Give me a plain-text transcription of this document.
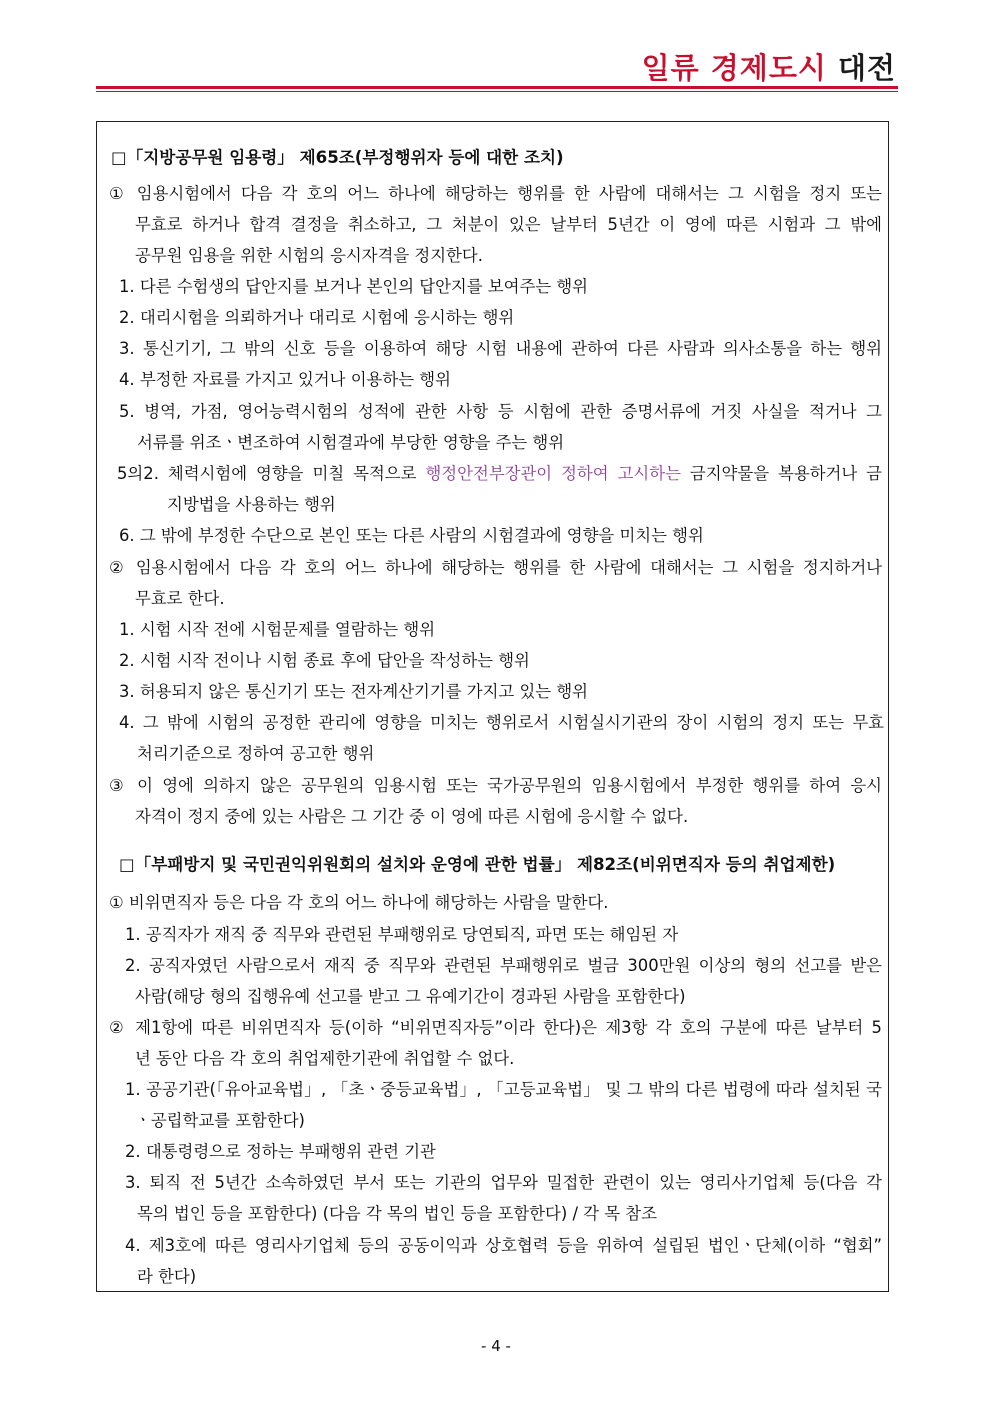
일류 경제도시 대전
□「지방공무원 임용령」 제65조(부정행위자 등에 대한 조치)
① 임용시험에서 다음 각 호의 어느 하나에 해당하는 행위를 한 사람에 대해서는 그 시험을 정지 또는
무효로 하거나 합격 결정을 취소하고, 그 처분이 있은 날부터 5년간 이 영에 따른 시험과 그 밖에
공무원 임용을 위한 시험의 응시자격을 정지한다.
1. 다른 수험생의 답안지를 보거나 본인의 답안지를 보여주는 행위
2. 대리시험을 의뢰하거나 대리로 시험에 응시하는 행위
3. 통신기기, 그 밖의 신호 등을 이용하여 해당 시험 내용에 관하여 다른 사람과 의사소통을 하는 행위
4. 부정한 자료를 가지고 있거나 이용하는 행위
5. 병역, 가점, 영어능력시험의 성적에 관한 사항 등 시험에 관한 증명서류에 거짓 사실을 적거나 그
서류를 위조ㆍ변조하여 시험결과에 부당한 영향을 주는 행위
5의2. 체력시험에 영향을 미칠 목적으로 행정안전부장관이 정하여 고시하는 금지약물을 복용하거나 금
지방법을 사용하는 행위
6. 그 밖에 부정한 수단으로 본인 또는 다른 사람의 시험결과에 영향을 미치는 행위
② 임용시험에서 다음 각 호의 어느 하나에 해당하는 행위를 한 사람에 대해서는 그 시험을 정지하거나
무효로 한다.
1. 시험 시작 전에 시험문제를 열람하는 행위
2. 시험 시작 전이나 시험 종료 후에 답안을 작성하는 행위
3. 허용되지 않은 통신기기 또는 전자계산기기를 가지고 있는 행위
4. 그 밖에 시험의 공정한 관리에 영향을 미치는 행위로서 시험실시기관의 장이 시험의 정지 또는 무효
처리기준으로 정하여 공고한 행위
③ 이 영에 의하지 않은 공무원의 임용시험 또는 국가공무원의 임용시험에서 부정한 행위를 하여 응시
자격이 정지 중에 있는 사람은 그 기간 중 이 영에 따른 시험에 응시할 수 없다.
□「부패방지 및 국민권익위원회의 설치와 운영에 관한 법률」 제82조(비위면직자 등의 취업제한)
① 비위면직자 등은 다음 각 호의 어느 하나에 해당하는 사람을 말한다.
1. 공직자가 재직 중 직무와 관련된 부패행위로 당연퇴직, 파면 또는 해임된 자
2. 공직자였던 사람으로서 재직 중 직무와 관련된 부패행위로 벌금 300만원 이상의 형의 선고를 받은
사람(해당 형의 집행유예 선고를 받고 그 유예기간이 경과된 사람을 포함한다)
② 제1항에 따른 비위면직자 등(이하 “비위면직자등”이라 한다)은 제3항 각 호의 구분에 따른 날부터 5
년 동안 다음 각 호의 취업제한기관에 취업할 수 없다.
1. 공공기관(「유아교육법」, 「초ㆍ중등교육법」, 「고등교육법」 및 그 밖의 다른 법령에 따라 설치된 국
ㆍ공립학교를 포함한다)
2. 대통령령으로 정하는 부패행위 관련 기관
3. 퇴직 전 5년간 소속하였던 부서 또는 기관의 업무와 밀접한 관련이 있는 영리사기업체 등(다음 각
목의 법인 등을 포함한다) (다음 각 목의 법인 등을 포함한다) / 각 목 참조
4. 제3호에 따른 영리사기업체 등의 공동이익과 상호협력 등을 위하여 설립된 법인ㆍ단체(이하 “협회”
라 한다)
- 4 -
